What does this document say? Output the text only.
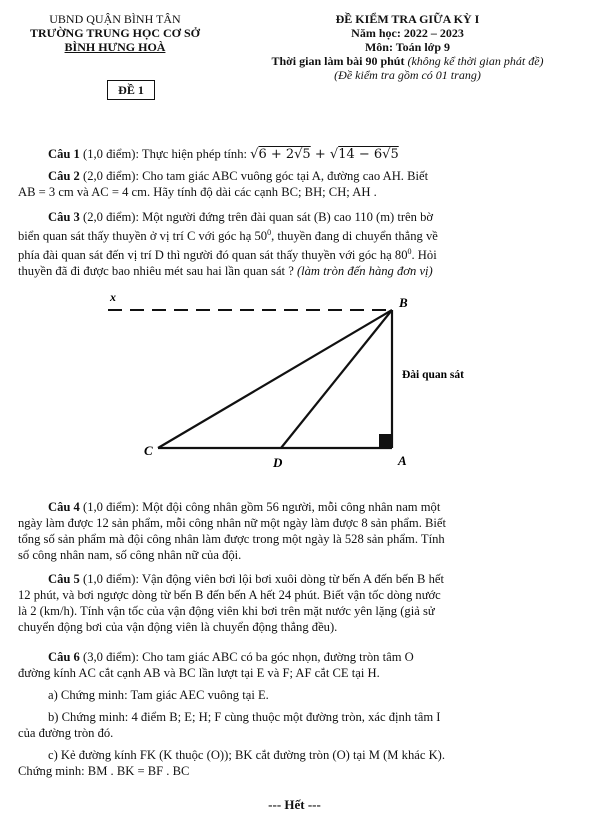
UBND QUẬN BÌNH TÂN
TRƯỜNG TRUNG HỌC CƠ SỞ
BÌNH HƯNG HOÀ
ĐỀ 1
ĐỀ KIỂM TRA GIỮA KỲ I
Năm học: 2022 – 2023
Môn: Toán lớp 9
Thời gian làm bài 90 phút (không kể thời gian phát đề)
(Đề kiểm tra gồm có 01 trang)
Câu 1 (1,0 điểm): Thực hiện phép tính: √6 + 2√5 + √14 − 6√5
Câu 2 (2,0 điểm): Cho tam giác ABC vuông góc tại A, đường cao AH. Biết
AB = 3 cm và AC = 4 cm. Hãy tính độ dài các cạnh BC; BH; CH; AH .
Câu 3 (2,0 điểm): Một người đứng trên đài quan sát (B) cao 110 (m) trên bờ
biển quan sát thấy thuyền ở vị trí C với góc hạ $50^0$, thuyền đang di chuyển thẳng về
phía đài quan sát đến vị trí D thì người đó quan sát thấy thuyền với góc hạ $80^0$. Hỏi
thuyền đã đi được bao nhiêu mét sau hai lần quan sát ? (làm tròn đến hàng đơn vị)
x	B
C
D	A
Đài quan sát
Câu 4 (1,0 điểm): Một đội công nhân gồm 56 người, mỗi công nhân nam một
ngày làm được 12 sản phẩm, mỗi công nhân nữ một ngày làm được 8 sản phẩm. Biết
tổng số sản phẩm mà đội công nhân làm được trong một ngày là 528 sản phẩm. Tính
số công nhân nam, số công nhân nữ của đội.
Câu 5 (1,0 điểm): Vận động viên bơi lội bơi xuôi dòng từ bến A đến bến B hết
12 phút, và bơi ngược dòng từ bến B đến bến A hết 24 phút. Biết vận tốc dòng nước
là 2 (km/h). Tính vận tốc của vận động viên khi bơi trên mặt nước yên lặng (giả sử
chuyển động bơi của vận động viên là chuyển động thẳng đều).
Câu 6 (3,0 điểm): Cho tam giác ABC có ba góc nhọn, đường tròn tâm O
đường kính AC cắt cạnh AB và BC lần lượt tại E và F; AF cắt CE tại H.
a) Chứng minh: Tam giác AEC vuông tại E.
b) Chứng minh: 4 điểm B; E; H; F cùng thuộc một đường tròn, xác định tâm I
của đường tròn đó.
c) Kẻ đường kính FK (K thuộc (O)); BK cắt đường tròn (O) tại M (M khác K).
Chứng minh: BM . BK = BF . BC
--- Hết ---
